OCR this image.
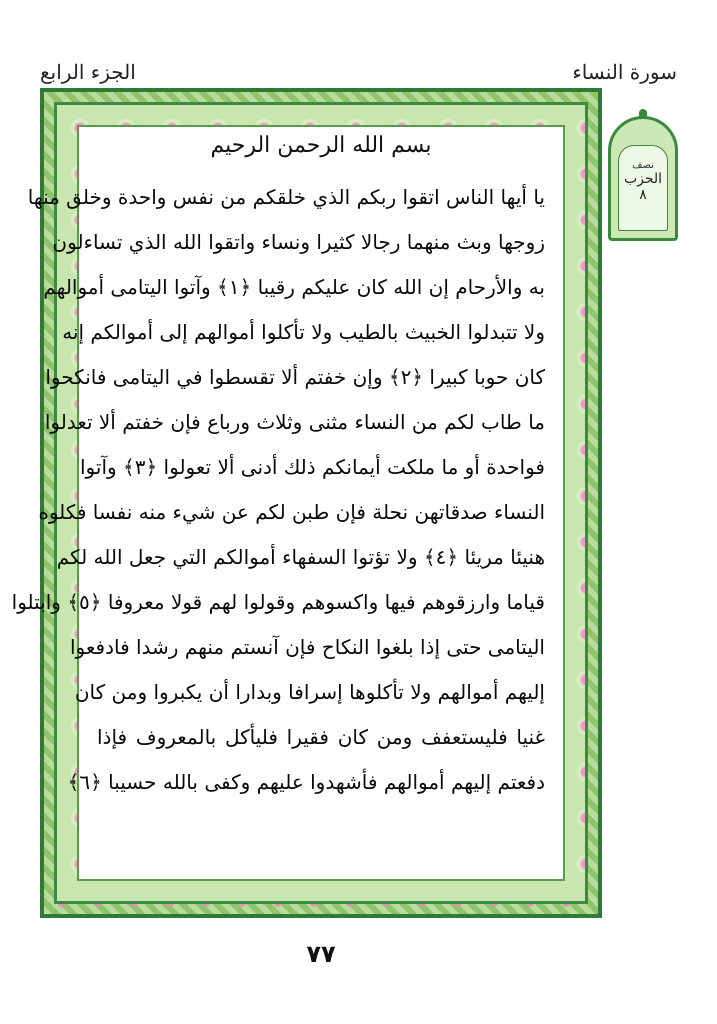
الجزء الرابع	سورة النساء
بسم الله الرحمن الرحيم
يا أيها الناس اتقوا ربكم الذي خلقكم من نفس واحدة وخلق منها
زوجها وبث منهما رجالا كثيرا ونساء واتقوا الله الذي تساءلون
به والأرحام إن الله كان عليكم رقيبا ﴿١﴾ وآتوا اليتامى أموالهم
ولا تتبدلوا الخبيث بالطيب ولا تأكلوا أموالهم إلى أموالكم إنه
كان حوبا كبيرا ﴿٢﴾ وإن خفتم ألا تقسطوا في اليتامى فانكحوا
ما طاب لكم من النساء مثنى وثلاث ورباع فإن خفتم ألا تعدلوا
فواحدة أو ما ملكت أيمانكم ذلك أدنى ألا تعولوا ﴿٣﴾ وآتوا
النساء صدقاتهن نحلة فإن طبن لكم عن شيء منه نفسا فكلوه
هنيئا مريئا ﴿٤﴾ ولا تؤتوا السفهاء أموالكم التي جعل الله لكم
قياما وارزقوهم فيها واكسوهم وقولوا لهم قولا معروفا ﴿٥﴾ وابتلوا
اليتامى حتى إذا بلغوا النكاح فإن آنستم منهم رشدا فادفعوا
إليهم أموالهم ولا تأكلوها إسرافا وبدارا أن يكبروا ومن كان
غنيا فليستعفف ومن كان فقيرا فليأكل بالمعروف فإذا
دفعتم إليهم أموالهم فأشهدوا عليهم وكفى بالله حسيبا ﴿٦﴾
نصف
الحزب
٨
٧٧
